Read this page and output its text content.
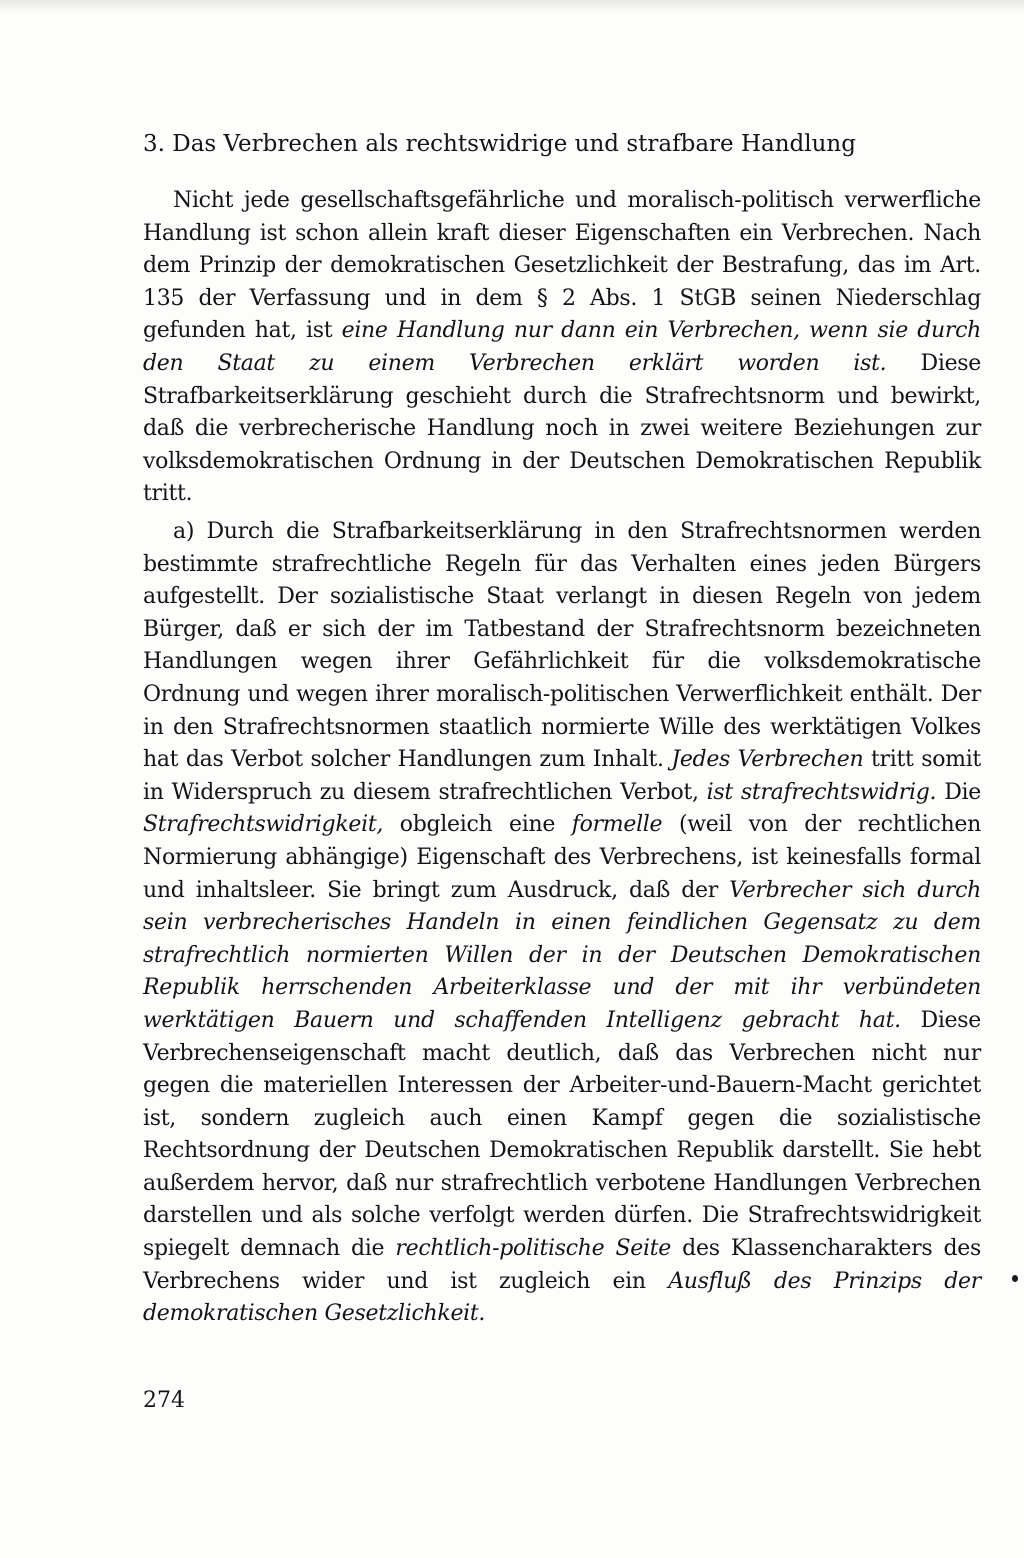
3. Das Verbrechen als rechtswidrige und strafbare Handlung

Nicht jede gesellschaftsgefährliche und moralisch-politisch verwerfliche Handlung ist schon allein kraft dieser Eigenschaften ein Verbrechen. Nach dem Prinzip der demokratischen Gesetzlichkeit der Bestrafung, das im Art. 135 der Verfassung und in dem § 2 Abs. 1 StGB seinen Niederschlag gefunden hat, ist eine Handlung nur dann ein Verbrechen, wenn sie durch den Staat zu einem Verbrechen erklärt worden ist. Diese Strafbarkeitserklärung geschieht durch die Strafrechtsnorm und bewirkt, daß die verbrecherische Handlung noch in zwei weitere Beziehungen zur volksdemokratischen Ordnung in der Deutschen Demokratischen Republik tritt.

a) Durch die Strafbarkeitserklärung in den Strafrechtsnormen werden bestimmte strafrechtliche Regeln für das Verhalten eines jeden Bürgers aufgestellt. Der sozialistische Staat verlangt in diesen Regeln von jedem Bürger, daß er sich der im Tatbestand der Strafrechtsnorm bezeichneten Handlungen wegen ihrer Gefährlichkeit für die volksdemokratische Ordnung und wegen ihrer moralisch-politischen Verwerflichkeit enthält. Der in den Strafrechtsnormen staatlich normierte Wille des werktätigen Volkes hat das Verbot solcher Handlungen zum Inhalt. Jedes Verbrechen tritt somit in Widerspruch zu diesem strafrechtlichen Verbot, ist strafrechtswidrig. Die Strafrechtswidrigkeit, obgleich eine formelle (weil von der rechtlichen Normierung abhängige) Eigenschaft des Verbrechens, ist keinesfalls formal und inhaltsleer. Sie bringt zum Ausdruck, daß der Verbrecher sich durch sein verbrecherisches Handeln in einen feindlichen Gegensatz zu dem strafrechtlich normierten Willen der in der Deutschen Demokratischen Republik herrschenden Arbeiterklasse und der mit ihr verbündeten werktätigen Bauern und schaffenden Intelligenz gebracht hat. Diese Verbrechenseigenschaft macht deutlich, daß das Verbrechen nicht nur gegen die materiellen Interessen der Arbeiter-und-Bauern-Macht gerichtet ist, sondern zugleich auch einen Kampf gegen die sozialistische Rechtsordnung der Deutschen Demokratischen Republik darstellt. Sie hebt außerdem hervor, daß nur strafrechtlich verbotene Handlungen Verbrechen darstellen und als solche verfolgt werden dürfen. Die Strafrechtswidrigkeit spiegelt demnach die rechtlich-politische Seite des Klassencharakters des Verbrechens wider und ist zugleich ein Ausfluß des Prinzips der demokratischen Gesetzlichkeit.

274
